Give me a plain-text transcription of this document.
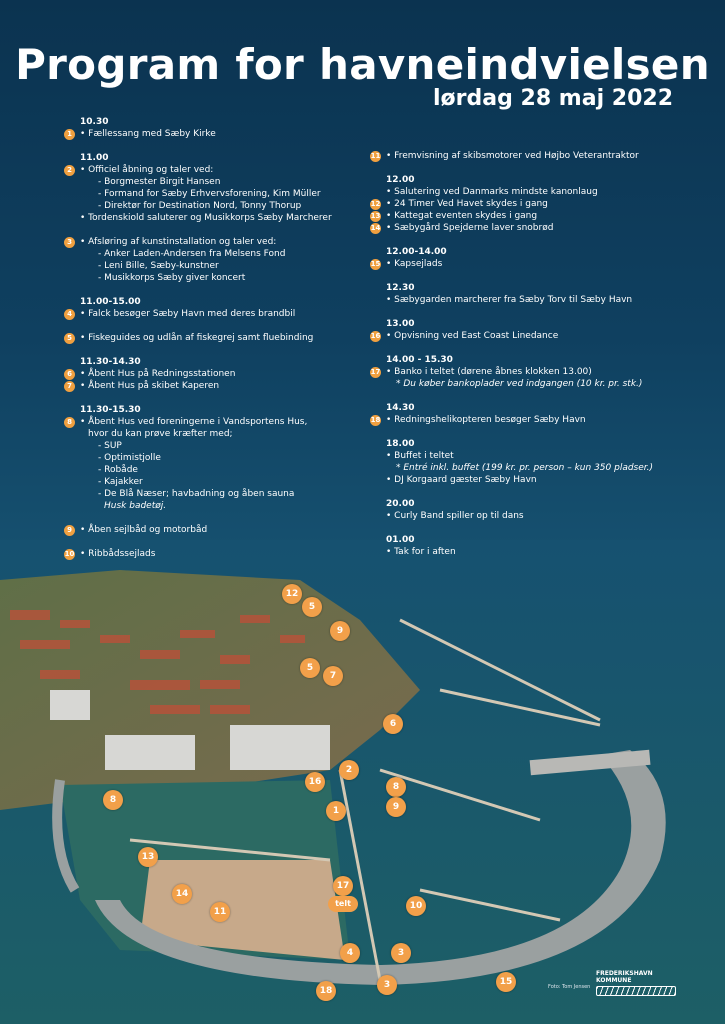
Program for havneindvielsen
lørdag 28 maj 2022
10.30
1 • Fællessang med Sæby Kirke
11.00
2 • Officiel åbning og taler ved:
- Borgmester Birgit Hansen
- Formand for Sæby Erhvervsforening, Kim Müller
- Direktør for Destination Nord, Tonny Thorup
• Tordenskiold saluterer og Musikkorps Sæby Marcherer
3 • Afsløring af kunstinstallation og taler ved:
- Anker Laden-Andersen fra Melsens Fond
- Leni Bille, Sæby-kunstner
- Musikkorps Sæby giver koncert
11.00-15.00
4 • Falck besøger Sæby Havn med deres brandbil
5 • Fiskeguides og udlån af fiskegrej samt fluebinding
11.30-14.30
6 • Åbent Hus på Redningsstationen
7 • Åbent Hus på skibet Kaperen
11.30-15.30
8 • Åbent Hus ved foreningerne i Vandsportens Hus,
hvor du kan prøve kræfter med;
- SUP
- Optimistjolle
- Robåde
- Kajakker
- De Blå Næser; havbadning og åben sauna
Husk badetøj.
9 • Åben sejlbåd og motorbåd
10 • Ribbådssejlads
11 • Fremvisning af skibsmotorer ved Højbo Veterantraktor
12.00
• Salutering ved Danmarks mindste kanonlaug
12 • 24 Timer Ved Havet skydes i gang
13 • Kattegat eventen skydes i gang
14 • Sæbygård Spejderne laver snobrød
12.00-14.00
15 • Kapsejlads
12.30
• Sæbygarden marcherer fra Sæby Torv til Sæby Havn
13.00
16 • Opvisning ved East Coast Linedance
14.00 - 15.30
17 • Banko i teltet (dørene åbnes klokken 13.00)
* Du køber bankoplader ved indgangen (10 kr. pr. stk.)
14.30
18 • Redningshelikopteren besøger Sæby Havn
18.00
• Buffet i teltet
* Entré inkl. buffet (199 kr. pr. person – kun 350 pladser.)
• DJ Korgaard gæster Sæby Havn
20.00
• Curly Band spiller op til dans
01.00
• Tak for i aften
12
5
9
5
7
6
2
16	8
8
9
1
13
14
11
17
telt	10
4	3
3	15
18	Foto: Tom Jensen
FREDERIKSHAVN KOMMUNE
